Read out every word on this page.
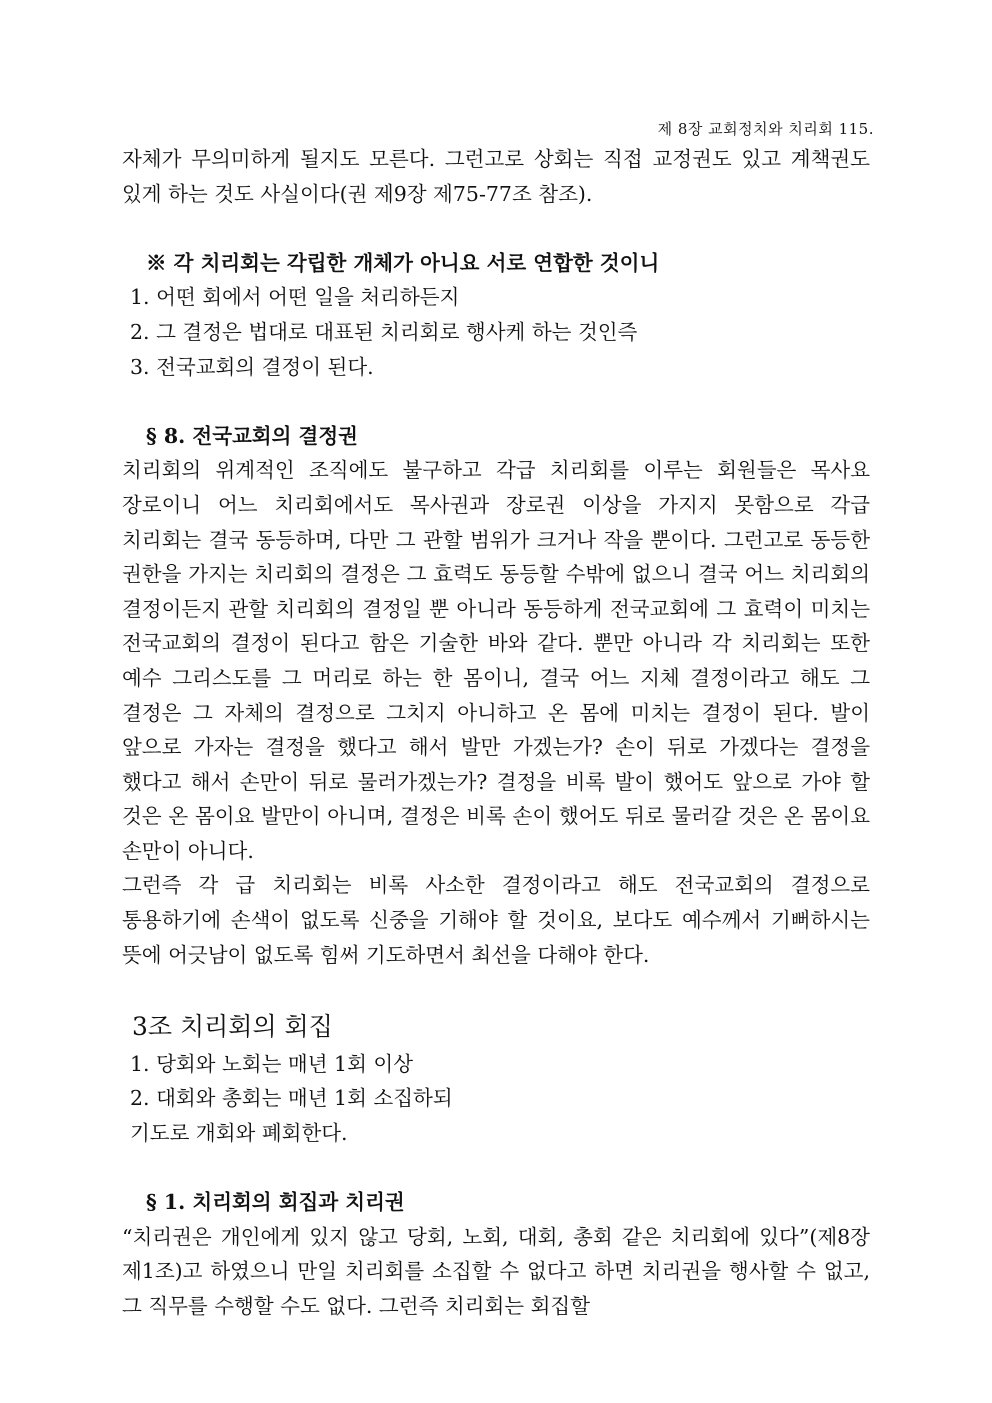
제 8장 교회정치와 치리회 115.

자체가 무의미하게 될지도 모른다. 그런고로 상회는 직접 교정권도 있고 계책권도 있게 하는 것도 사실이다(권 제9장 제75-77조 참조).

※ 각 치리회는 각립한 개체가 아니요 서로 연합한 것이니

1. 어떤 회에서 어떤 일을 처리하든지

2. 그 결정은 법대로 대표된 치리회로 행사케 하는 것인즉

3. 전국교회의 결정이 된다.

§ 8. 전국교회의 결정권

치리회의 위계적인 조직에도 불구하고 각급 치리회를 이루는 회원들은 목사요 장로이니 어느 치리회에서도 목사권과 장로권 이상을 가지지 못함으로 각급 치리회는 결국 동등하며, 다만 그 관할 범위가 크거나 작을 뿐이다. 그런고로 동등한 권한을 가지는 치리회의 결정은 그 효력도 동등할 수밖에 없으니 결국 어느 치리회의 결정이든지 관할 치리회의 결정일 뿐 아니라 동등하게 전국교회에 그 효력이 미치는 전국교회의 결정이 된다고 함은 기술한 바와 같다. 뿐만 아니라 각 치리회는 또한 예수 그리스도를 그 머리로 하는 한 몸이니, 결국 어느 지체 결정이라고 해도 그 결정은 그 자체의 결정으로 그치지 아니하고 온 몸에 미치는 결정이 된다. 발이 앞으로 가자는 결정을 했다고 해서 발만 가겠는가? 손이 뒤로 가겠다는 결정을 했다고 해서 손만이 뒤로 물러가겠는가? 결정을 비록 발이 했어도 앞으로 가야 할 것은 온 몸이요 발만이 아니며, 결정은 비록 손이 했어도 뒤로 물러갈 것은 온 몸이요 손만이 아니다.

그런즉 각 급 치리회는 비록 사소한 결정이라고 해도 전국교회의 결정으로 통용하기에 손색이 없도록 신중을 기해야 할 것이요, 보다도 예수께서 기뻐하시는 뜻에 어긋남이 없도록 힘써 기도하면서 최선을 다해야 한다.

3조 치리회의 회집

1. 당회와 노회는 매년 1회 이상

2. 대회와 총회는 매년 1회 소집하되

기도로 개회와 폐회한다.

§ 1. 치리회의 회집과 치리권

“치리권은 개인에게 있지 않고 당회, 노회, 대회, 총회 같은 치리회에 있다”(제8장 제1조)고 하였으니 만일 치리회를 소집할 수 없다고 하면 치리권을 행사할 수 없고, 그 직무를 수행할 수도 없다. 그런즉 치리회는 회집할
